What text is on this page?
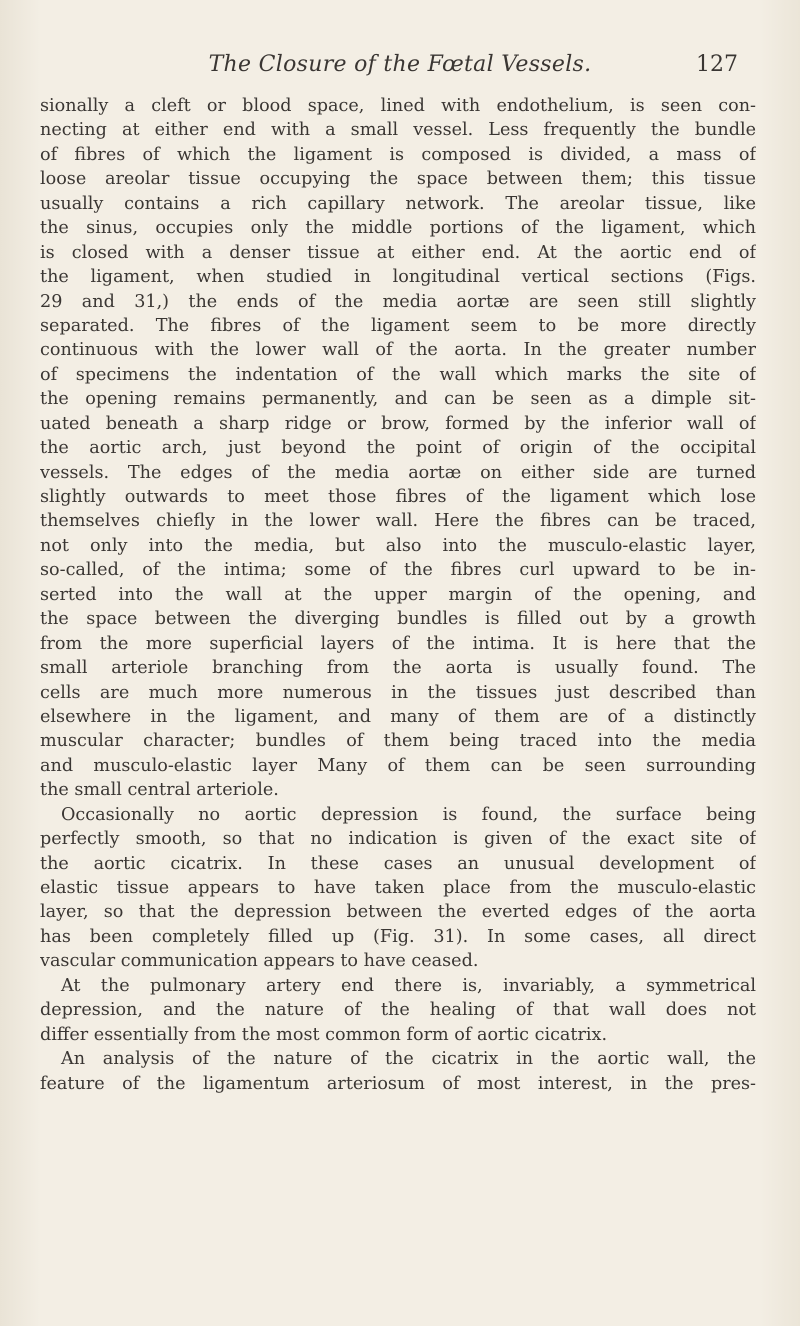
The Closure of the Fœtal Vessels.	127
sionally a cleft or blood space, lined with endothelium, is seen con-
necting at either end with a small vessel. Less frequently the bundle
of fibres of which the ligament is composed is divided, a mass of
loose areolar tissue occupying the space between them; this tissue
usually contains a rich capillary network. The areolar tissue, like
the sinus, occupies only the middle portions of the ligament, which
is closed with a denser tissue at either end. At the aortic end of
the ligament, when studied in longitudinal vertical sections (Figs.
29 and 31,) the ends of the media aortæ are seen still slightly
separated. The fibres of the ligament seem to be more directly
continuous with the lower wall of the aorta. In the greater number
of specimens the indentation of the wall which marks the site of
the opening remains permanently, and can be seen as a dimple sit-
uated beneath a sharp ridge or brow, formed by the inferior wall of
the aortic arch, just beyond the point of origin of the occipital
vessels. The edges of the media aortæ on either side are turned
slightly outwards to meet those fibres of the ligament which lose
themselves chiefly in the lower wall. Here the fibres can be traced,
not only into the media, but also into the musculo-elastic layer,
so-called, of the intima; some of the fibres curl upward to be in-
serted into the wall at the upper margin of the opening, and
the space between the diverging bundles is filled out by a growth
from the more superficial layers of the intima. It is here that the
small arteriole branching from the aorta is usually found. The
cells are much more numerous in the tissues just described than
elsewhere in the ligament, and many of them are of a distinctly
muscular character; bundles of them being traced into the media
and musculo-elastic layer Many of them can be seen surrounding
the small central arteriole.
Occasionally no aortic depression is found, the surface being
perfectly smooth, so that no indication is given of the exact site of
the aortic cicatrix. In these cases an unusual development of
elastic tissue appears to have taken place from the musculo-elastic
layer, so that the depression between the everted edges of the aorta
has been completely filled up (Fig. 31). In some cases, all direct
vascular communication appears to have ceased.
At the pulmonary artery end there is, invariably, a symmetrical
depression, and the nature of the healing of that wall does not
differ essentially from the most common form of aortic cicatrix.
An analysis of the nature of the cicatrix in the aortic wall, the
feature of the ligamentum arteriosum of most interest, in the pres-
